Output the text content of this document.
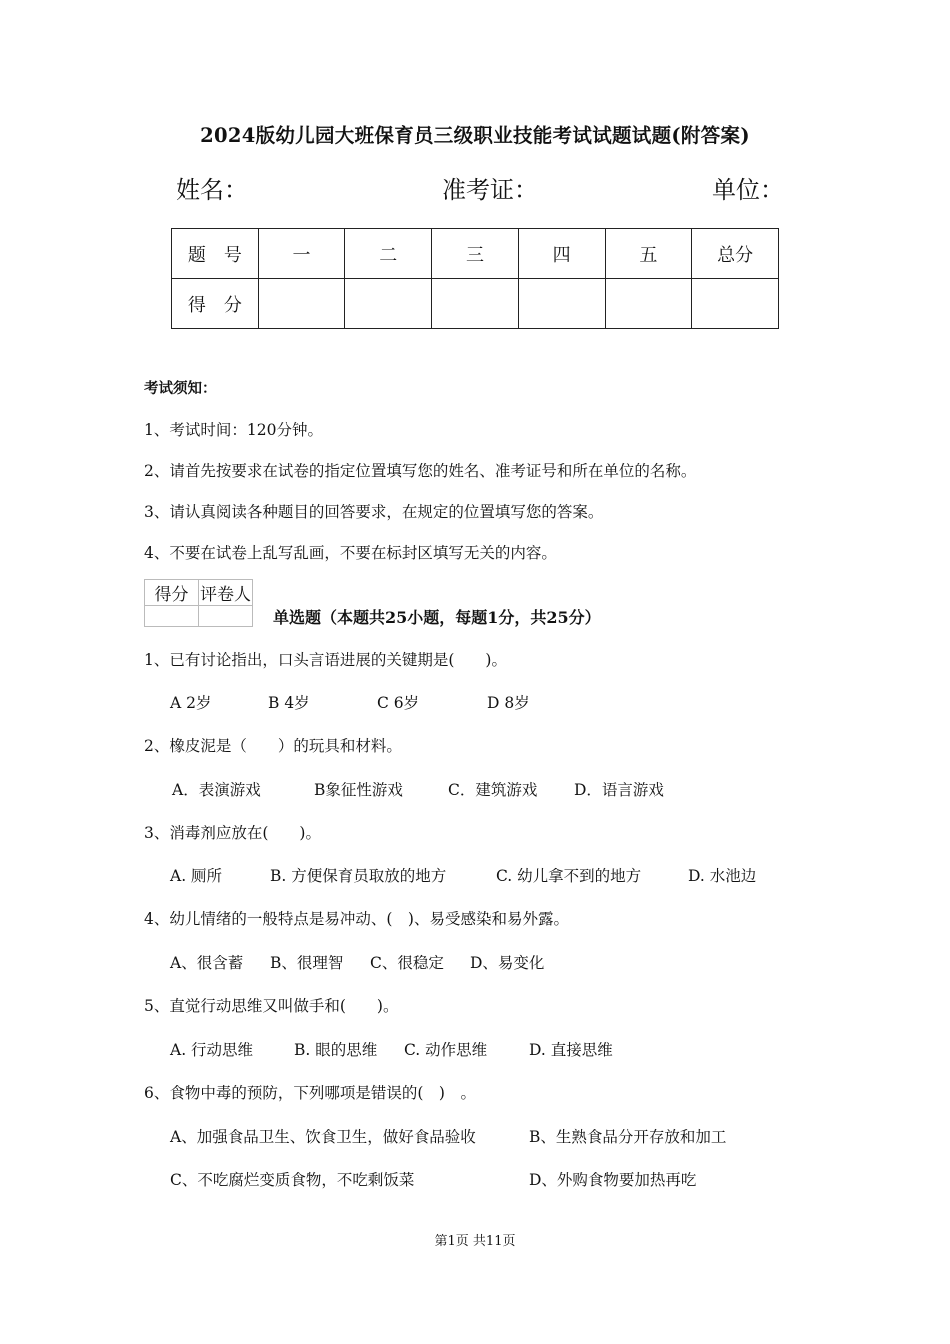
2024版幼儿园大班保育员三级职业技能考试试题试题(附答案)
姓名：	准考证：	单位：
题　号	一	二	三	四	五	总分
得　分						
考试须知：
1、考试时间：120分钟。
2、请首先按要求在试卷的指定位置填写您的姓名、准考证号和所在单位的名称。
3、请认真阅读各种题目的回答要求，在规定的位置填写您的答案。
4、不要在试卷上乱写乱画，不要在标封区填写无关的内容。
得分	评卷人

单选题（本题共25小题，每题1分，共25分）
1、已有讨论指出，口头言语进展的关键期是(　　)。
A 2岁	B 4岁	C 6岁	D 8岁
2、橡皮泥是（　　）的玩具和材料。
A．表演游戏	B象征性游戏	C．建筑游戏 D．语言游戏
3、消毒剂应放在(　　)。
A. 厕所	B. 方便保育员取放的地方	C. 幼儿拿不到的地方	D. 水池边
4、幼儿情绪的一般特点是易冲动、(　)、易受感染和易外露。
A、很含蓄 B、很理智 C、很稳定 D、易变化
5、直觉行动思维又叫做手和(　　)。
A. 行动思维	B. 眼的思维 C. 动作思维	D. 直接思维
6、食物中毒的预防，下列哪项是错误的(　)　。
A、加强食品卫生、饮食卫生，做好食品验收	B、生熟食品分开存放和加工
C、不吃腐烂变质食物，不吃剩饭菜	D、外购食物要加热再吃
第1页 共11页
